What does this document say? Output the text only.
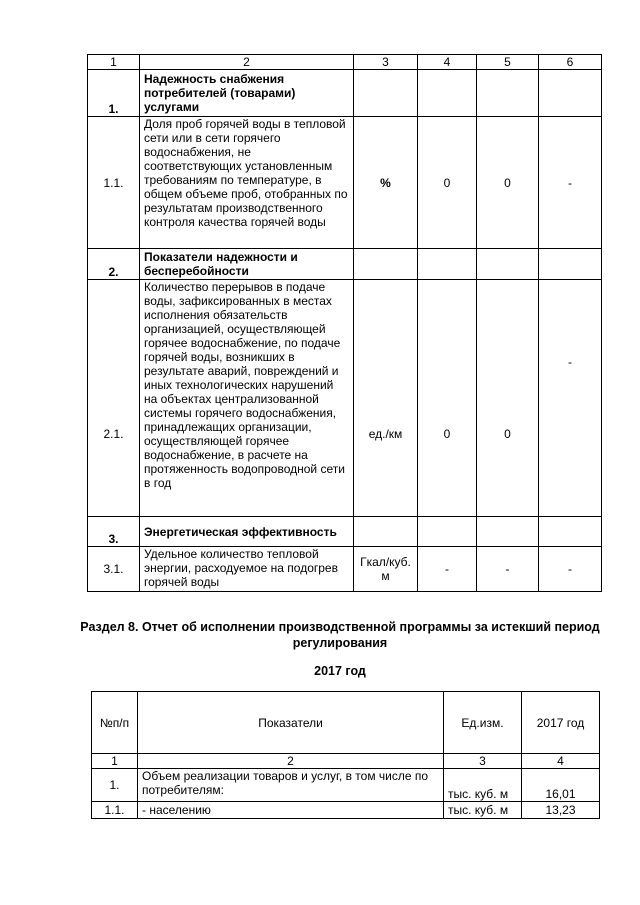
1	2	3	4	5	6
1.	Надежность снабжения потребителей (товарами) услугами				
1.1.	Доля проб горячей воды в тепловой сети или в сети горячего водоснабжения, не соответствующих установленным требованиям по температуре, в общем объеме проб, отобранных по результатам производственного контроля качества горячей воды	%	0	0	-
2.	Показатели надежности и бесперебойности				
2.1.	Количество перерывов в подаче воды, зафиксированных в местах исполнения обязательств организацией, осуществляющей горячее водоснабжение, по подаче горячей воды, возникших в результате аварий, повреждений и иных технологических нарушений на объектах централизованной системы горячего водоснабжения, принадлежащих организации, осуществляющей горячее водоснабжение, в расчете на протяженность водопроводной сети в год	ед./км	0	0	-
3.	Энергетическая эффективность				
3.1.	Удельное количество тепловой энергии, расходуемое на подогрев горячей воды	Гкал/куб. м	-	-	-
Раздел 8. Отчет об исполнении производственной программы за истекший период регулирования
2017 год
№п/п	Показатели	Ед.изм.	2017 год
1	2	3	4
1.	Объем реализации товаров и услуг, в том числе по потребителям:	тыс. куб. м	16,01
1.1.	- населению	тыс. куб. м	13,23
